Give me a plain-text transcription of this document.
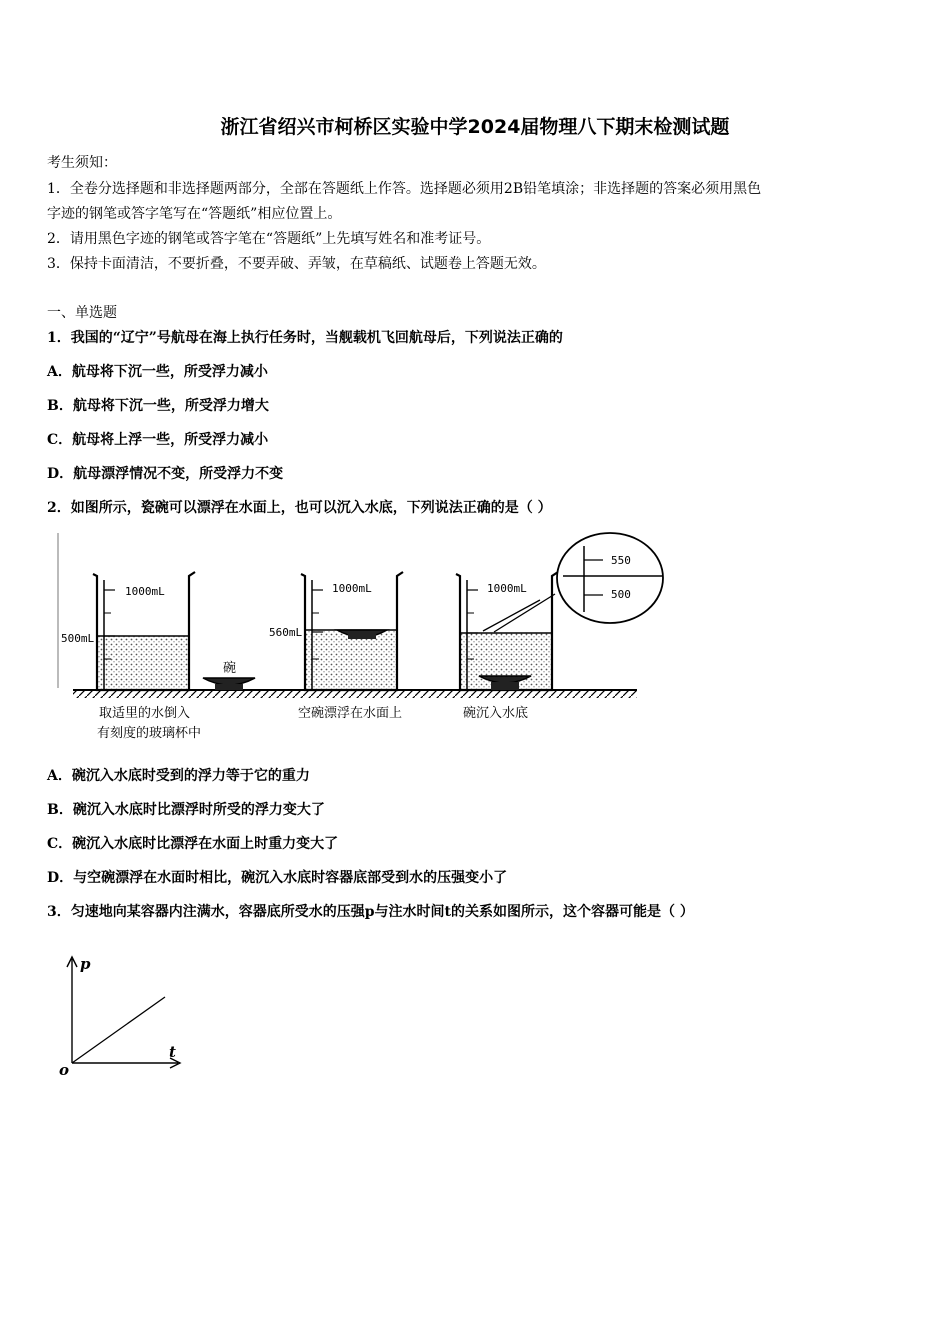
浙江省绍兴市柯桥区实验中学2024届物理八下期末检测试题
考生须知：
1．全卷分选择题和非选择题两部分，全部在答题纸上作答。选择题必须用2B铅笔填涂；非选择题的答案必须用黑色
字迹的钢笔或答字笔写在“答题纸”相应位置上。
2．请用黑色字迹的钢笔或答字笔在“答题纸”上先填写姓名和准考证号。
3．保持卡面清洁，不要折叠，不要弄破、弄皱，在草稿纸、试题卷上答题无效。
一、单选题
1．我国的“辽宁”号航母在海上执行任务时，当舰载机飞回航母后，下列说法正确的
A．航母将下沉一些，所受浮力减小
B．航母将下沉一些，所受浮力增大
C．航母将上浮一些，所受浮力减小
D．航母漂浮情况不变，所受浮力不变
2．如图所示，瓷碗可以漂浮在水面上，也可以沉入水底，下列说法正确的是（ ）
1000mL
500mL
碗
1000mL
560mL
1000mL
550
500
取适里的水倒入
有刻度的玻璃杯中
空碗漂浮在水面上	碗沉入水底
A．碗沉入水底时受到的浮力等于它的重力
B．碗沉入水底时比漂浮时所受的浮力变大了
C．碗沉入水底时比漂浮在水面上时重力变大了
D．与空碗漂浮在水面时相比，碗沉入水底时容器底部受到水的压强变小了
3．匀速地向某容器内注满水，容器底所受水的压强p与注水时间t的关系如图所示，这个容器可能是（ ）
p
t
o
